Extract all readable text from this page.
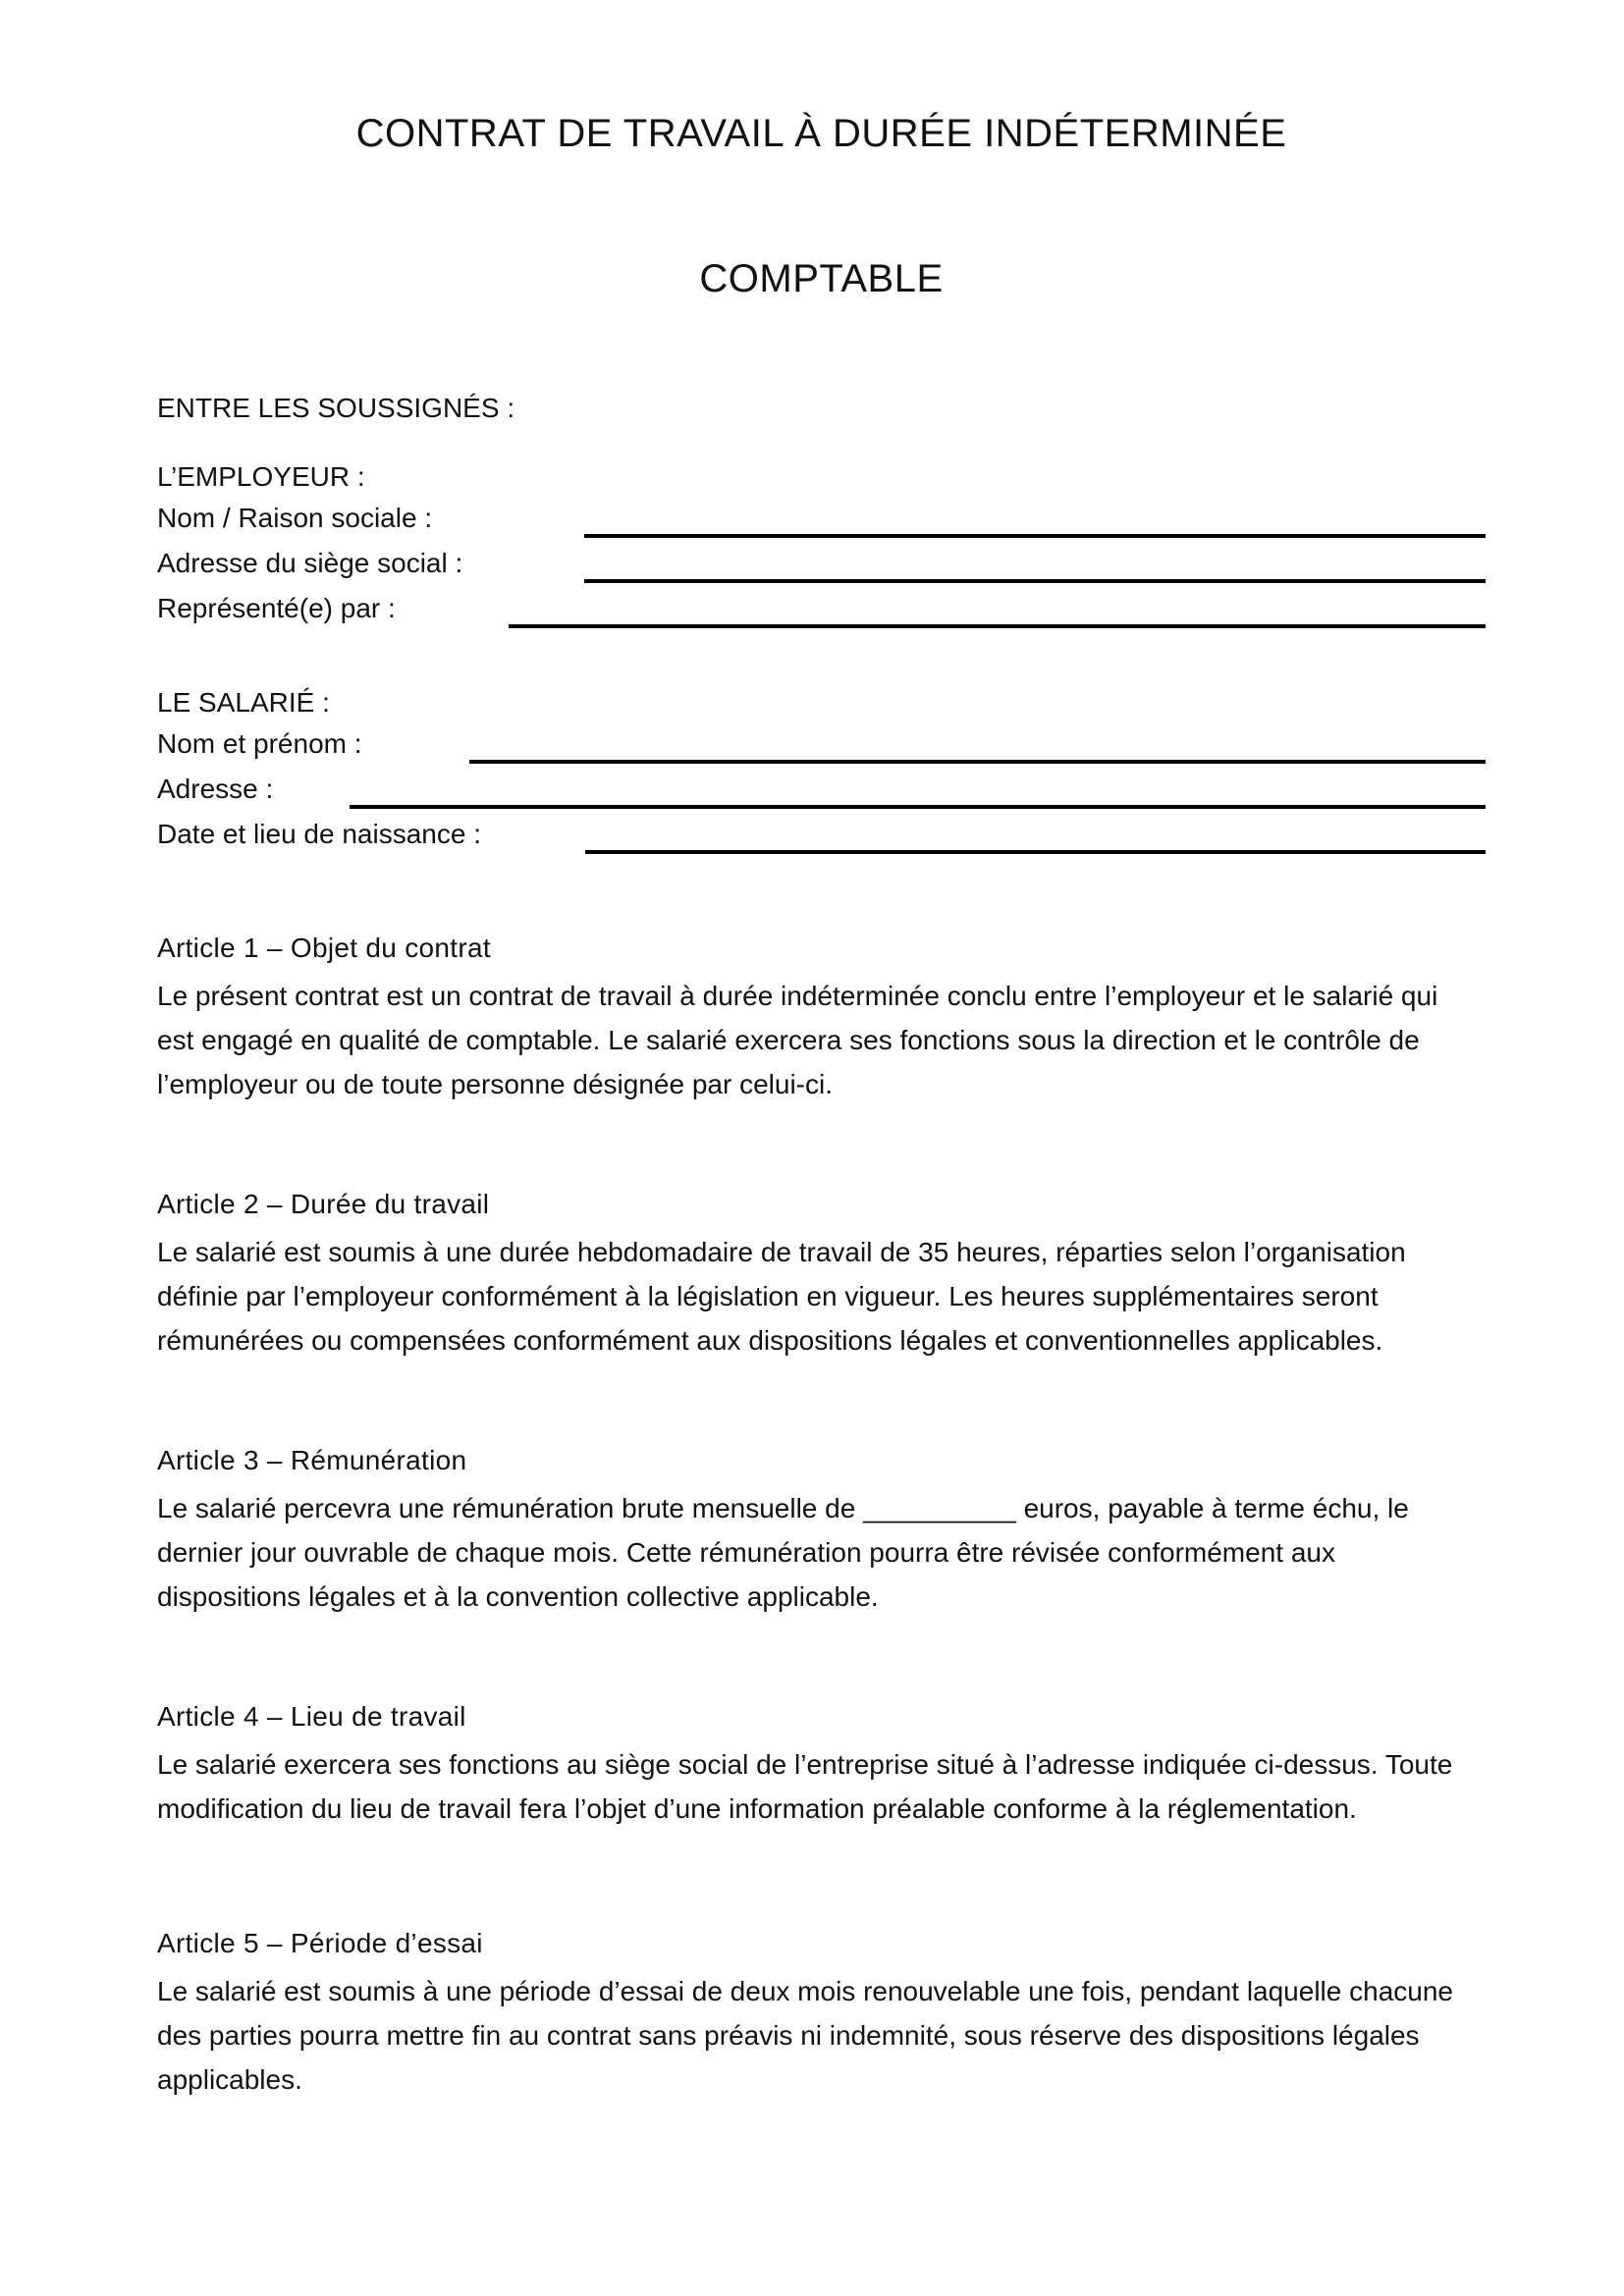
CONTRAT DE TRAVAIL À DURÉE INDÉTERMINÉE
COMPTABLE

ENTRE LES SOUSSIGNÉS :

L’EMPLOYEUR :

Nom / Raison sociale :
Adresse du siège social :
Représenté(e) par :

LE SALARIÉ :

Nom et prénom :
Adresse :
Date et lieu de naissance :
Article 1 – Objet du contrat

Le présent contrat est un contrat de travail à durée indéterminée conclu entre l’employeur et le salarié qui est engagé en qualité de comptable. Le salarié exercera ses fonctions sous la direction et le contrôle de l’employeur ou de toute personne désignée par celui-ci.

Article 2 – Durée du travail

Le salarié est soumis à une durée hebdomadaire de travail de 35 heures, réparties selon l’organisation définie par l’employeur conformément à la législation en vigueur. Les heures supplémentaires seront rémunérées ou compensées conformément aux dispositions légales et conventionnelles applicables.

Article 3 – Rémunération

Le salarié percevra une rémunération brute mensuelle de __________ euros, payable à terme échu, le dernier jour ouvrable de chaque mois. Cette rémunération pourra être révisée conformément aux dispositions légales et à la convention collective applicable.

Article 4 – Lieu de travail

Le salarié exercera ses fonctions au siège social de l’entreprise situé à l’adresse indiquée ci-dessus. Toute modification du lieu de travail fera l’objet d’une information préalable conforme à la réglementation.

Article 5 – Période d’essai

Le salarié est soumis à une période d’essai de deux mois renouvelable une fois, pendant laquelle chacune des parties pourra mettre fin au contrat sans préavis ni indemnité, sous réserve des dispositions légales applicables.
